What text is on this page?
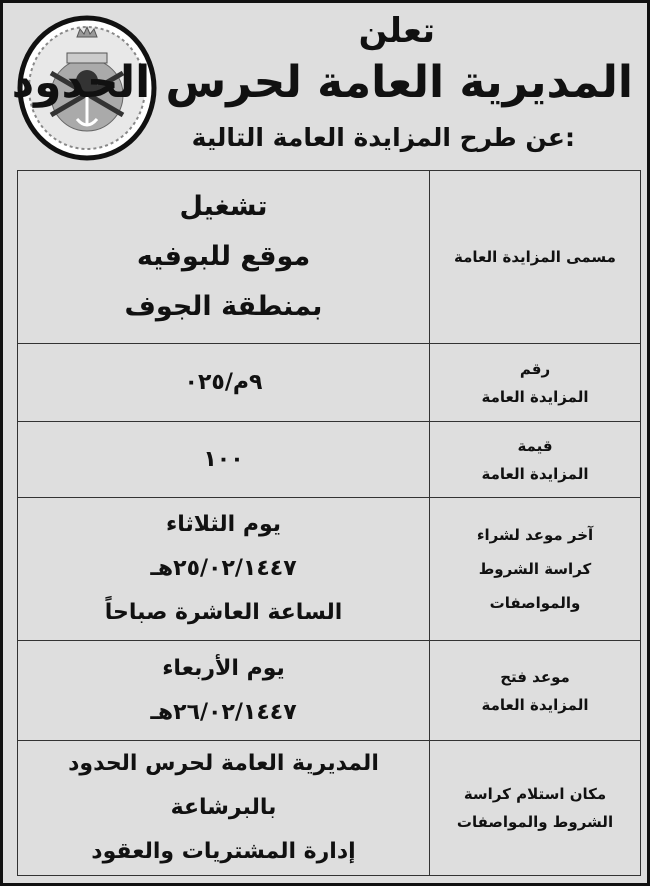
تعلن
المديرية العامة لحرس الحدود
عن طرح المزايدة العامة التالية:
مسمى المزايدة العامة	تشغيل
موقع للبوفيه
بمنطقة الجوف

رقم
المزايدة العامة	٩م/٠٢٥

قيمة
المزايدة العامة	١٠٠

آخر موعد لشراء
كراسة الشروط
والمواصفات	يوم الثلاثاء
٢٥/٠٢/١٤٤٧هـ
الساعة العاشرة صباحاً

موعد فتح
المزايدة العامة	يوم الأربعاء
٢٦/٠٢/١٤٤٧هـ

مكان استلام كراسة
الشروط والمواصفات	المديرية العامة لحرس الحدود
بالبرشاعة
إدارة المشتريات والعقود
